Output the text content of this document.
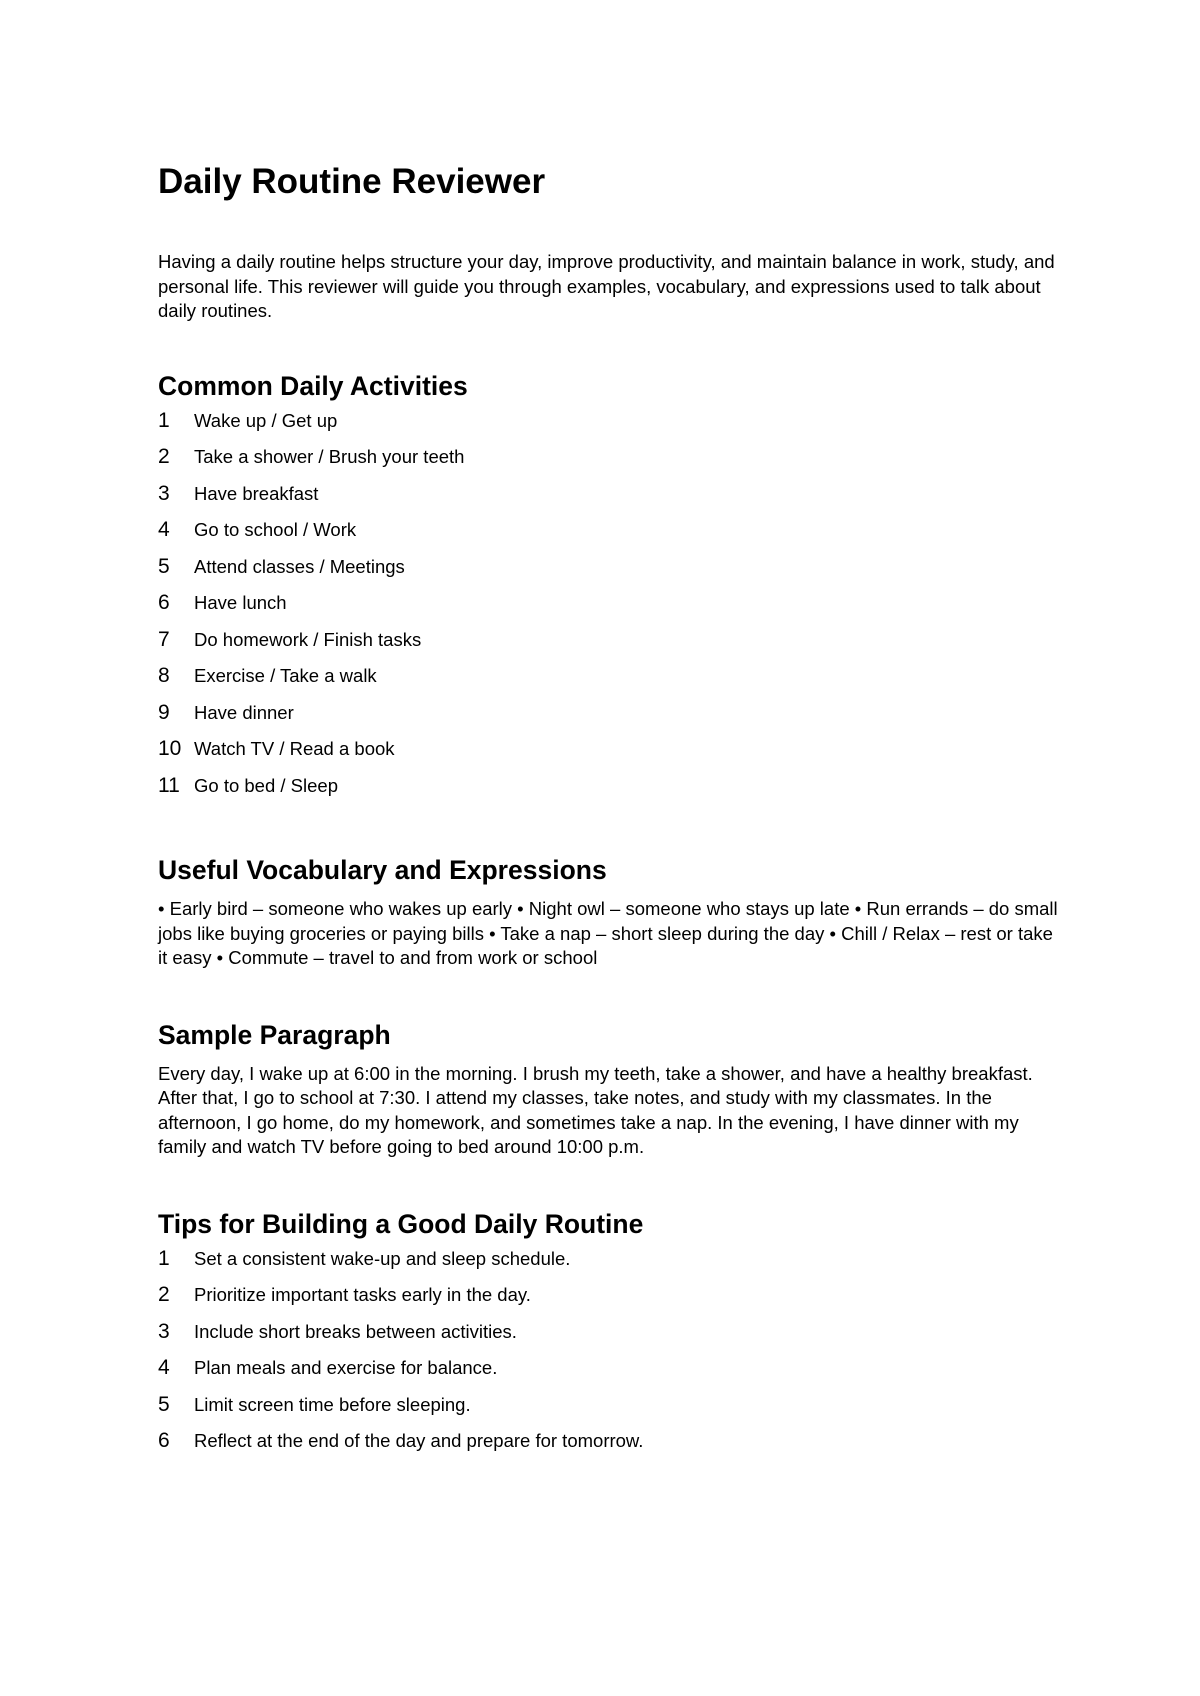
Daily Routine Reviewer

Having a daily routine helps structure your day, improve productivity, and maintain balance in work, study, and personal life. This reviewer will guide you through examples, vocabulary, and expressions used to talk about daily routines.

Common Daily Activities
1	Wake up / Get up
2	Take a shower / Brush your teeth
3	Have breakfast
4	Go to school / Work
5	Attend classes / Meetings
6	Have lunch
7	Do homework / Finish tasks
8	Exercise / Take a walk
9	Have dinner
10 Watch TV / Read a book
11 Go to bed / Sleep
Useful Vocabulary and Expressions

• Early bird – someone who wakes up early • Night owl – someone who stays up late • Run errands – do small jobs like buying groceries or paying bills • Take a nap – short sleep during the day • Chill / Relax – rest or take it easy • Commute – travel to and from work or school

Sample Paragraph

Every day, I wake up at 6:00 in the morning. I brush my teeth, take a shower, and have a healthy breakfast. After that, I go to school at 7:30. I attend my classes, take notes, and study with my classmates. In the afternoon, I go home, do my homework, and sometimes take a nap. In the evening, I have dinner with my family and watch TV before going to bed around 10:00 p.m.

Tips for Building a Good Daily Routine
1	Set a consistent wake-up and sleep schedule.
2	Prioritize important tasks early in the day.
3	Include short breaks between activities.
4	Plan meals and exercise for balance.
5	Limit screen time before sleeping.
6	Reflect at the end of the day and prepare for tomorrow.
